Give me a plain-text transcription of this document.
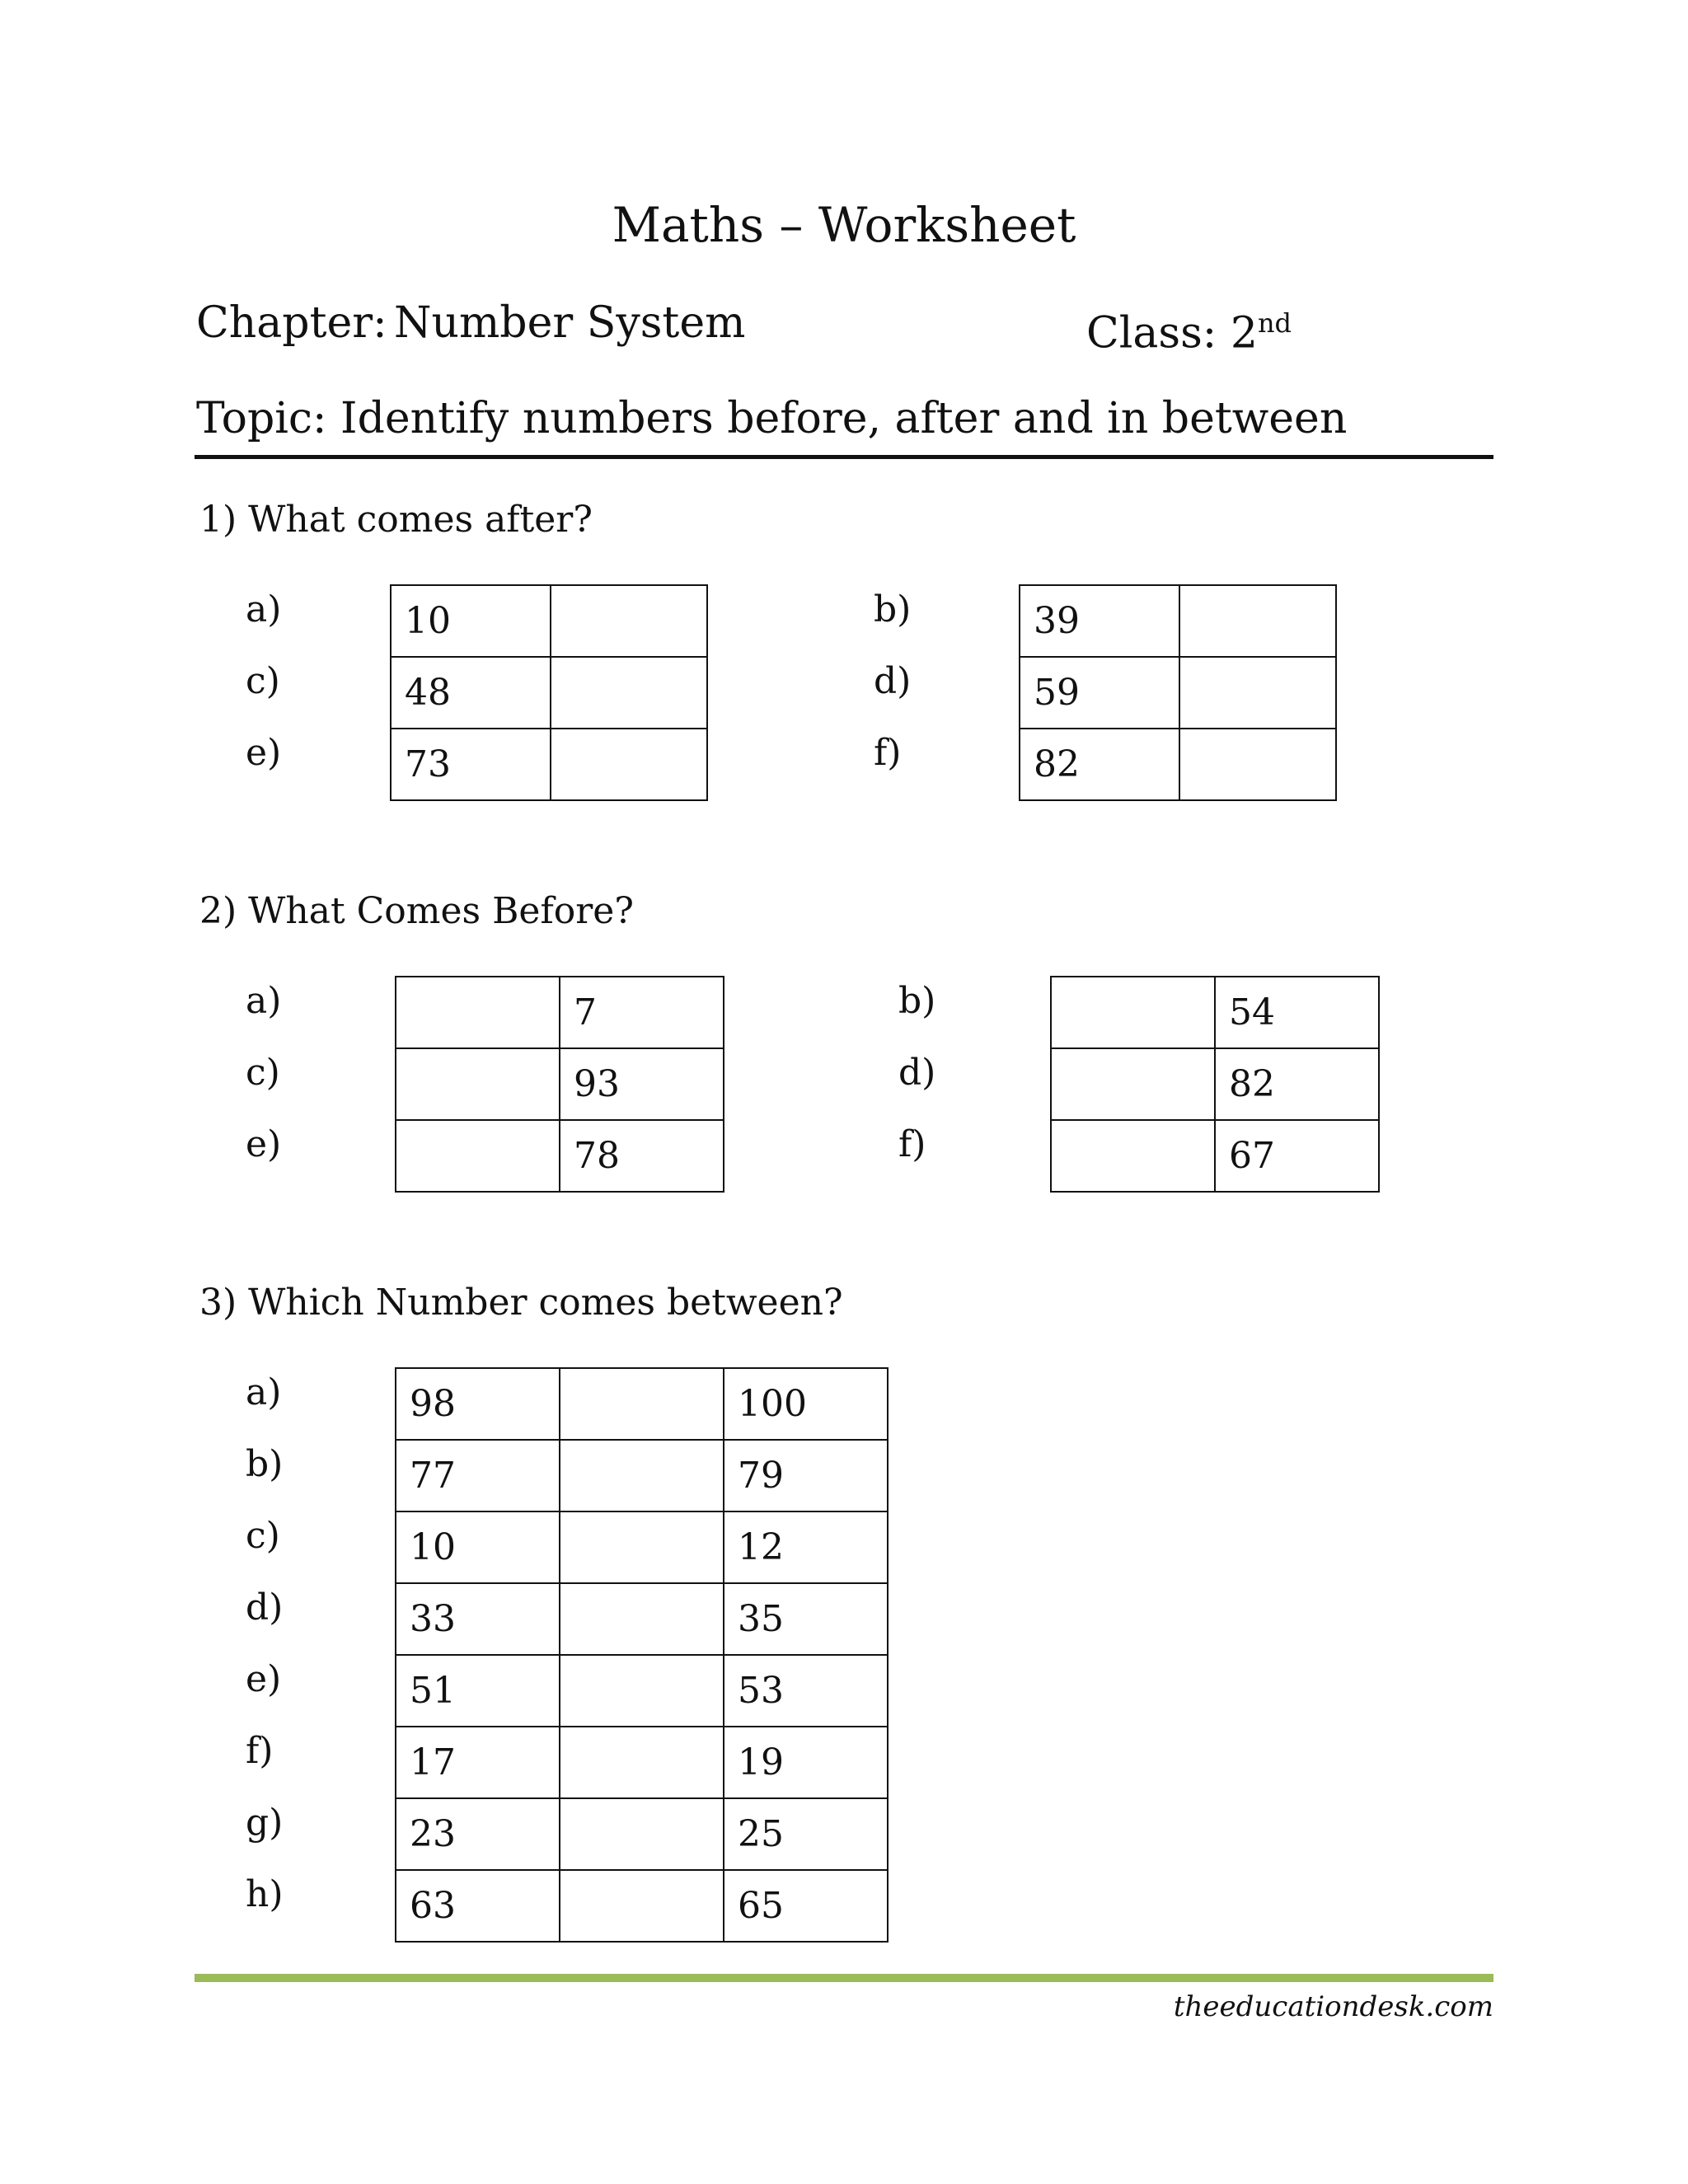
Maths – Worksheet
Chapter: Number System	Class: 2nd
Topic: Identify numbers before, after and in between
1) What comes after?
a)
c)
e)
10	
48	
73	
b)
d)
f)
39	
59	
82	
2) What Comes Before?
a)
c)
e)
	7
	93
	78
b)
d)
f)
	54
	82
	67
3) Which Number comes between?
a)
b)
c)
d)
e)
f)
g)
h)
98		100
77		79
10		12
33		35
51		53
17		19
23		25
63		65
theeducationdesk.com
